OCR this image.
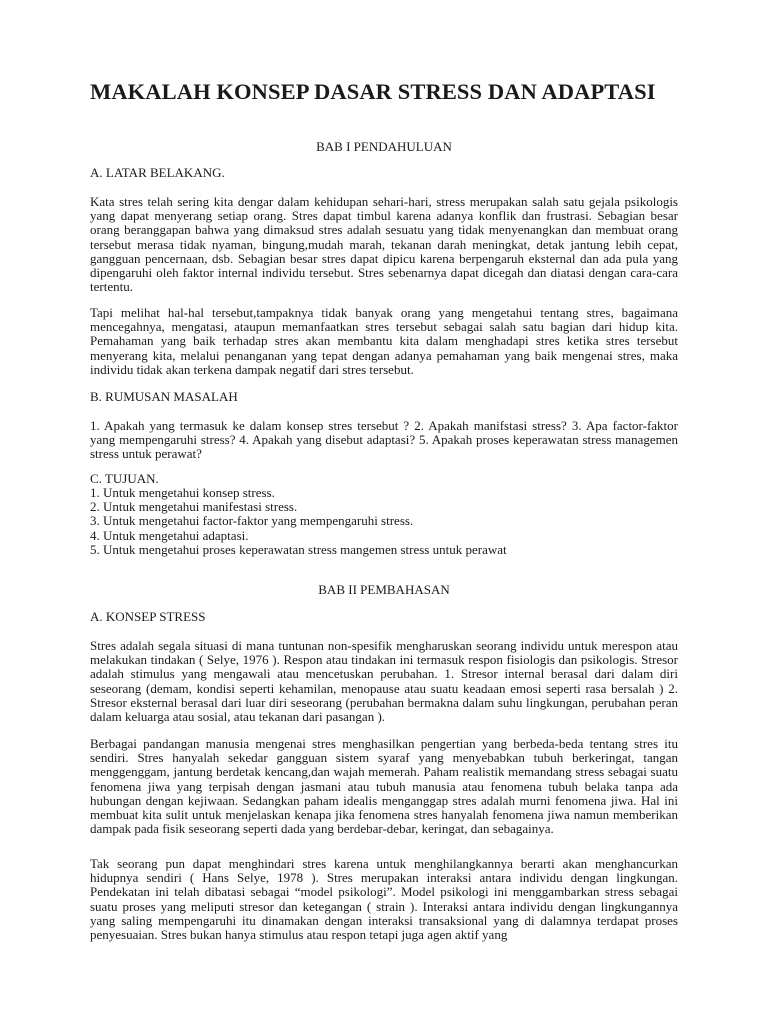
MAKALAH KONSEP DASAR STRESS DAN ADAPTASI

BAB I PENDAHULUAN

A. LATAR BELAKANG.

Kata stres telah sering kita dengar dalam kehidupan sehari-hari, stress merupakan salah satu gejala psikologis yang dapat menyerang setiap orang. Stres dapat timbul karena adanya konflik dan frustrasi. Sebagian besar orang beranggapan bahwa yang dimaksud stres adalah sesuatu yang tidak menyenangkan dan membuat orang tersebut merasa tidak nyaman, bingung,mudah marah, tekanan darah meningkat, detak jantung lebih cepat, gangguan pencernaan, dsb. Sebagian besar stres dapat dipicu karena berpengaruh eksternal dan ada pula yang dipengaruhi oleh faktor internal individu tersebut. Stres sebenarnya dapat dicegah dan diatasi dengan cara-cara tertentu.

Tapi melihat hal-hal tersebut,tampaknya tidak banyak orang yang mengetahui tentang stres, bagaimana mencegahnya, mengatasi, ataupun memanfaatkan stres tersebut sebagai salah satu bagian dari hidup kita. Pemahaman yang baik terhadap stres akan membantu kita dalam menghadapi stres ketika stres tersebut menyerang kita, melalui penanganan yang tepat dengan adanya pemahaman yang baik mengenai stres, maka individu tidak akan terkena dampak negatif dari stres tersebut.

B. RUMUSAN MASALAH

1. Apakah yang termasuk ke dalam konsep stres tersebut ? 2. Apakah manifstasi stress? 3. Apa factor-faktor yang mempengaruhi stress? 4. Apakah yang disebut adaptasi? 5. Apakah proses keperawatan stress managemen stress untuk perawat?

C. TUJUAN.

1. Untuk mengetahui konsep stress.
2. Untuk mengetahui manifestasi stress.
3. Untuk mengetahui factor-faktor yang mempengaruhi stress.
4. Untuk mengetahui adaptasi.
5. Untuk mengetahui proses keperawatan stress mangemen stress untuk perawat

BAB II PEMBAHASAN

A. KONSEP STRESS

Stres adalah segala situasi di mana tuntunan non-spesifik mengharuskan seorang individu untuk merespon atau melakukan tindakan ( Selye, 1976 ). Respon atau tindakan ini termasuk respon fisiologis dan psikologis. Stresor adalah stimulus yang mengawali atau mencetuskan perubahan. 1. Stresor internal berasal dari dalam diri seseorang (demam, kondisi seperti kehamilan, menopause atau suatu keadaan emosi seperti rasa bersalah ) 2. Stresor eksternal berasal dari luar diri seseorang (perubahan bermakna dalam suhu lingkungan, perubahan peran dalam keluarga atau sosial, atau tekanan dari pasangan ).

Berbagai pandangan manusia mengenai stres menghasilkan pengertian yang berbeda-beda tentang stres itu sendiri. Stres hanyalah sekedar gangguan sistem syaraf yang menyebabkan tubuh berkeringat, tangan menggenggam, jantung berdetak kencang,dan wajah memerah. Paham realistik memandang stress sebagai suatu fenomena jiwa yang terpisah dengan jasmani atau tubuh manusia atau fenomena tubuh belaka tanpa ada hubungan dengan kejiwaan. Sedangkan paham idealis menganggap stres adalah murni fenomena jiwa. Hal ini membuat kita sulit untuk menjelaskan kenapa jika fenomena stres hanyalah fenomena jiwa namun memberikan dampak pada fisik seseorang seperti dada yang berdebar-debar, keringat, dan sebagainya.

Tak seorang pun dapat menghindari stres karena untuk menghilangkannya berarti akan menghancurkan hidupnya sendiri ( Hans Selye, 1978 ). Stres merupakan interaksi antara individu dengan lingkungan. Pendekatan ini telah dibatasi sebagai “model psikologi”. Model psikologi ini menggambarkan stress sebagai suatu proses yang meliputi stresor dan ketegangan ( strain ). Interaksi antara individu dengan lingkungannya yang saling mempengaruhi itu dinamakan dengan interaksi transaksional yang di dalamnya terdapat proses penyesuaian. Stres bukan hanya stimulus atau respon tetapi juga agen aktif yang
